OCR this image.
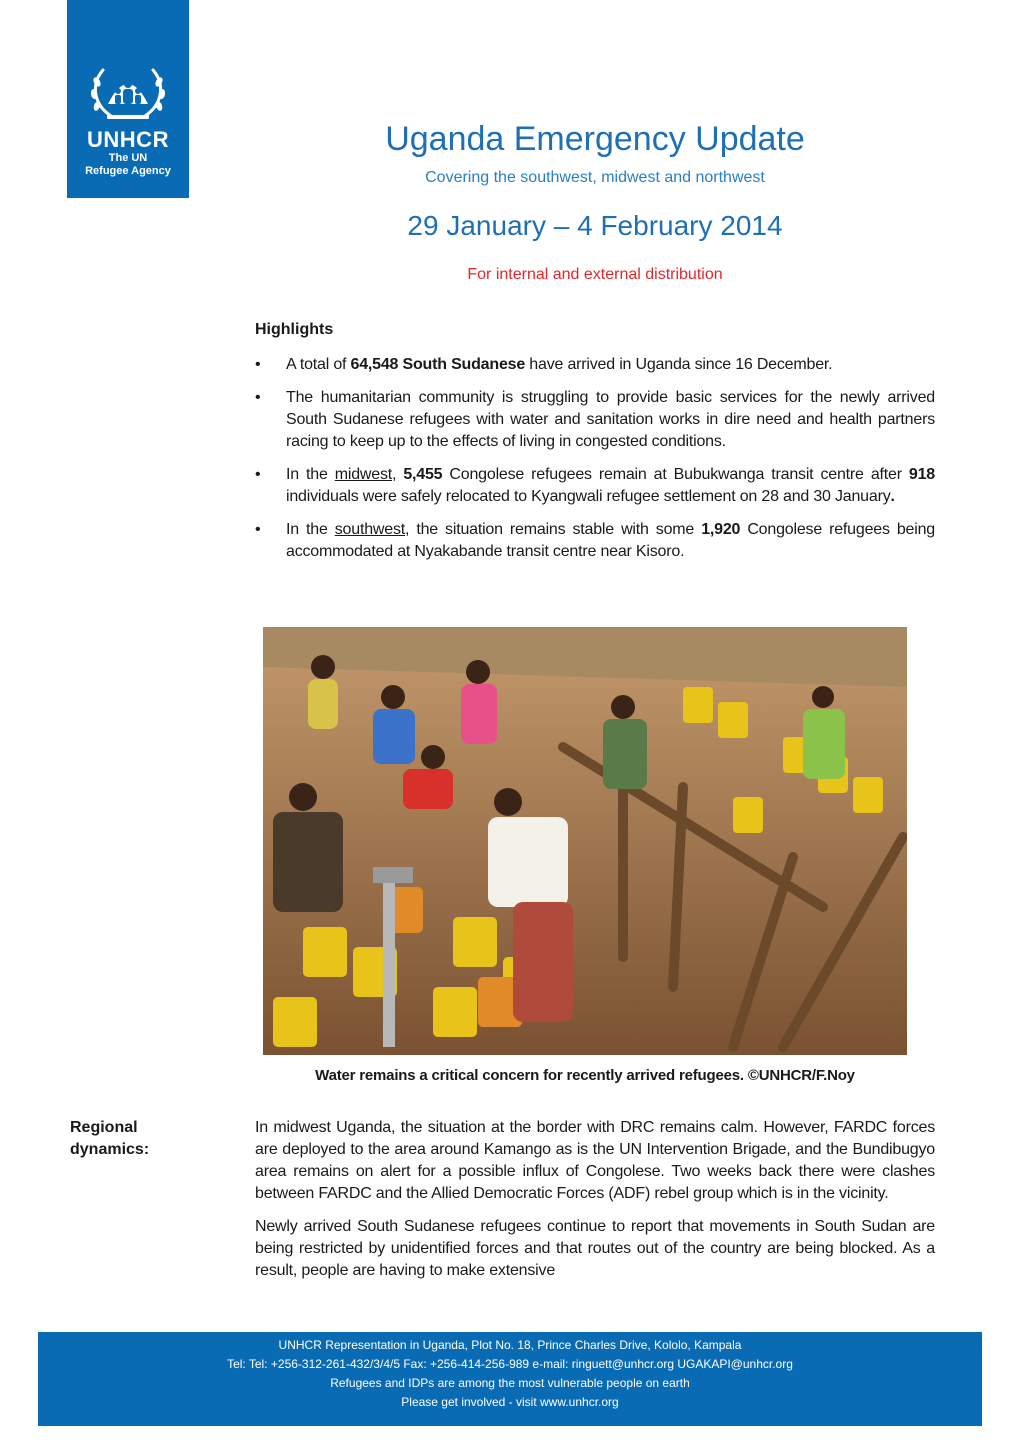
UNHCR
The UN
Refugee Agency
Uganda Emergency Update
Covering the southwest, midwest and northwest
29 January – 4 February 2014
For internal and external distribution
Highlights
• A total of 64,548 South Sudanese have arrived in Uganda since 16 December.
• The humanitarian community is struggling to provide basic services for the newly arrived South Sudanese refugees with water and sanitation works in dire need and health partners racing to keep up to the effects of living in congested conditions.
• In the midwest, 5,455 Congolese refugees remain at Bubukwanga transit centre after 918 individuals were safely relocated to Kyangwali refugee settlement on 28 and 30 January.
• In the southwest, the situation remains stable with some 1,920 Congolese refugees being accommodated at Nyakabande transit centre near Kisoro.
Water remains a critical concern for recently arrived refugees. ©UNHCR/F.Noy
Regional
dynamics:

In midwest Uganda, the situation at the border with DRC remains calm. However, FARDC forces are deployed to the area around Kamango as is the UN Intervention Brigade, and the Bundibugyo area remains on alert for a possible influx of Congolese. Two weeks back there were clashes between FARDC and the Allied Democratic Forces (ADF) rebel group which is in the vicinity.

Newly arrived South Sudanese refugees continue to report that movements in South Sudan are being restricted by unidentified forces and that routes out of the country are being blocked. As a result, people are having to make extensive

UNHCR Representation in Uganda, Plot No. 18, Prince Charles Drive, Kololo, Kampala
Tel: Tel: +256-312-261-432/3/4/5 Fax: +256-414-256-989 e-mail: ringuett@unhcr.org UGAKAPI@unhcr.org
Refugees and IDPs are among the most vulnerable people on earth
Please get involved - visit www.unhcr.org
